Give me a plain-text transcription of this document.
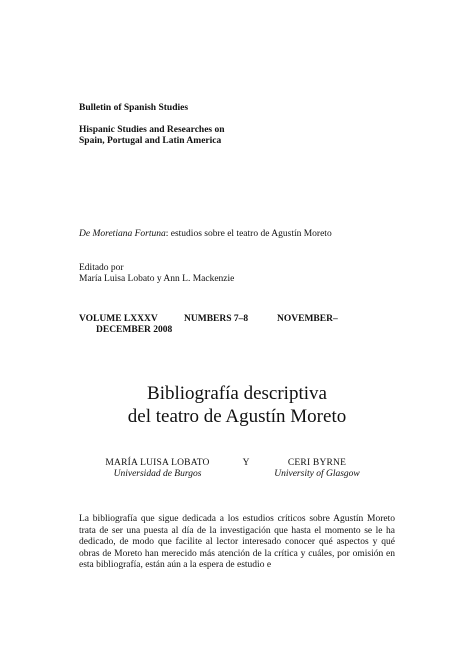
Bulletin of Spanish Studies
Hispanic Studies and Researches on
Spain, Portugal and Latin America
De Moretiana Fortuna: estudios sobre el teatro de Agustín Moreto
Editado por
María Luisa Lobato y Ann L. Mackenzie
VOLUME LXXXV	NUMBERS 7–8	NOVEMBER–
DECEMBER 2008
Bibliografía descriptiva
del teatro de Agustín Moreto
MARÍA LUISA LOBATO
Universidad de Burgos
Y	CERI BYRNE
University of Glasgow
La bibliografía que sigue dedicada a los estudios críticos sobre Agustín Moreto trata de ser una puesta al día de la investigación que hasta el momento se le ha dedicado, de modo que facilite al lector interesado conocer qué aspectos y qué obras de Moreto han merecido más atención de la crítica y cuáles, por omisión en esta bibliografía, están aún a la espera de estudio e
